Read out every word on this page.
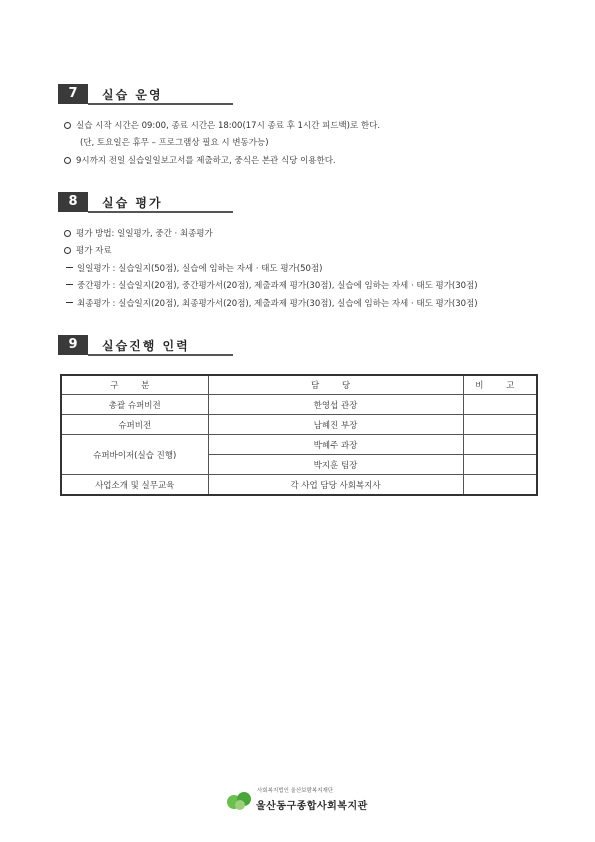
7	실습 운영
실습 시작 시간은 09:00, 종료 시간은 18:00(17시 종료 후 1시간 피드백)로 한다.
(단, 토요일은 휴무 – 프로그램상 필요 시 변동가능)
9시까지 전일 실습일일보고서를 제출하고, 중식은 본관 식당 이용한다.
8	실습 평가
평가 방법: 일일평가, 중간 · 최종평가
평가 자료
일일평가 : 실습일지(50점), 실습에 임하는 자세 · 태도 평가(50점)
중간평가 : 실습일지(20점), 중간평가서(20점), 제출과제 평가(30점), 실습에 임하는 자세 · 태도 평가(30점)
최종평가 : 실습일지(20점), 최종평가서(20점), 제출과제 평가(30점), 실습에 임하는 자세 · 태도 평가(30점)
9	실습진행 인력
구 분	담 당	비 고
총괄 슈퍼비전	한영섭 관장	
슈퍼비전	남혜진 부장	
슈퍼바이저(실습 진행)	박혜주 과장	
	박지훈 팀장	
사업소개 및 실무교육	각 사업 담당 사회복지사	
사회복지법인 울산보람복지재단
울산동구종합사회복지관
